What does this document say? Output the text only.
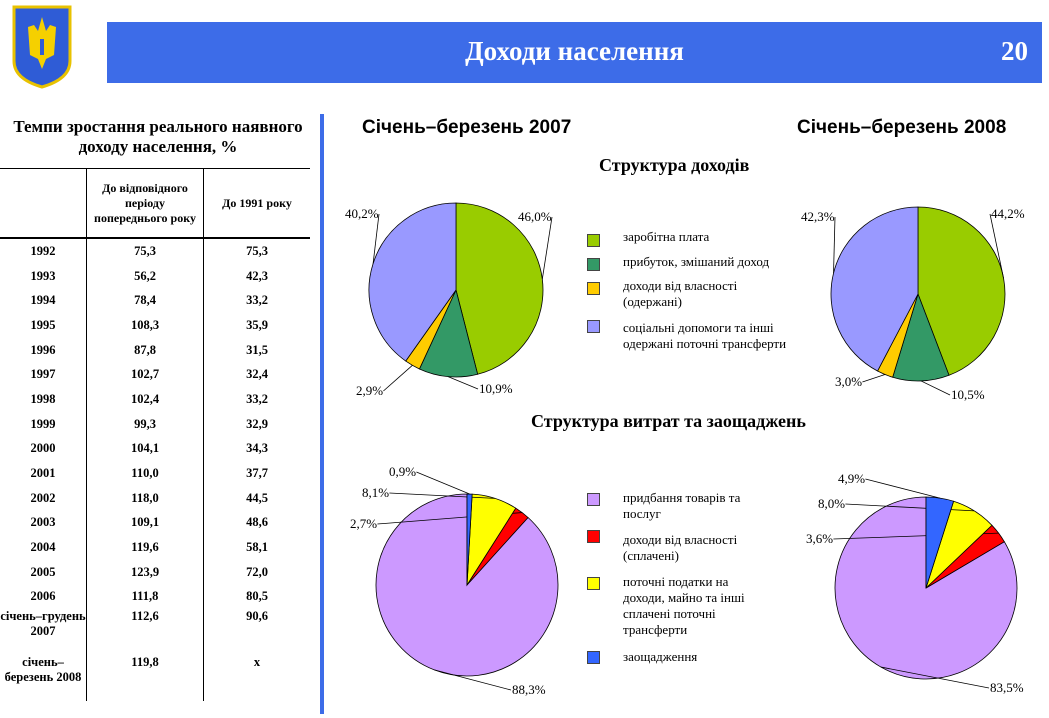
Доходи населення	20
Темпи зростання реального наявного доходу населення, %
	До відповідного періоду попереднього року	До 1991 року
1992	75,3	75,3
1993	56,2	42,3
1994	78,4	33,2
1995	108,3	35,9
1996	87,8	31,5
1997	102,7	32,4
1998	102,4	33,2
1999	99,3	32,9
2000	104,1	34,3
2001	110,0	37,7
2002	118,0	44,5
2003	109,1	48,6
2004	119,6	58,1
2005	123,9	72,0
2006	111,8	80,5
січень–грудень 2007	112,6	90,6
січень–березень 2008	119,8	х
Січень–березень 2007	Січень–березень 2008
Структура доходів
Структура витрат та заощаджень
46,0%
10,9%
2,9%
40,2%	44,2%
10,5%
3,0%
42,3%
88,3%
2,7%
8,1%
0,9%
83,5%
3,6%
8,0%
4,9%
заробітна плата
прибуток, змішаний доход
доходи від власності (одержані)
соціальні допомоги та інші одержані поточні трансферти
придбання товарів та послуг
доходи від власності (сплачені)
поточні податки на доходи, майно та інші сплачені поточні трансферти
заощадження
